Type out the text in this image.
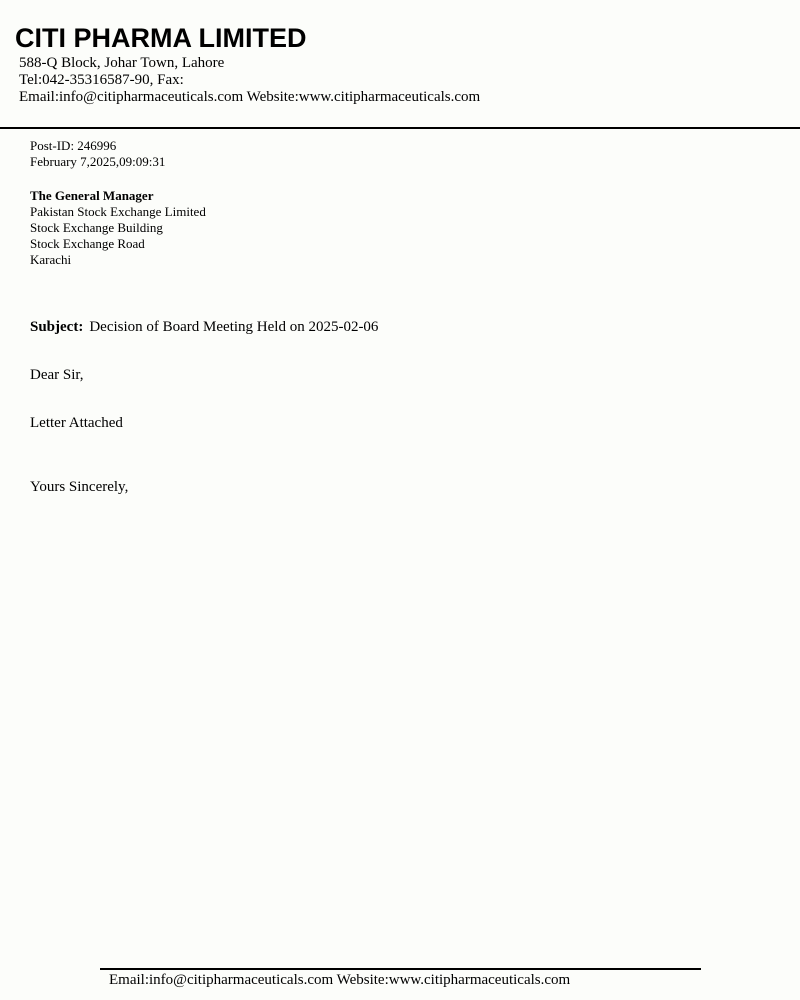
CITI PHARMA LIMITED
588-Q Block, Johar Town, Lahore
Tel:042-35316587-90, Fax:
Email:info@citipharmaceuticals.com Website:www.citipharmaceuticals.com
Post-ID: 246996
February 7,2025,09:09:31
The General Manager
Pakistan Stock Exchange Limited
Stock Exchange Building
Stock Exchange Road
Karachi
Subject: Decision of Board Meeting Held on 2025-02-06
Dear Sir,
Letter Attached
Yours Sincerely,
Email:info@citipharmaceuticals.com Website:www.citipharmaceuticals.com
